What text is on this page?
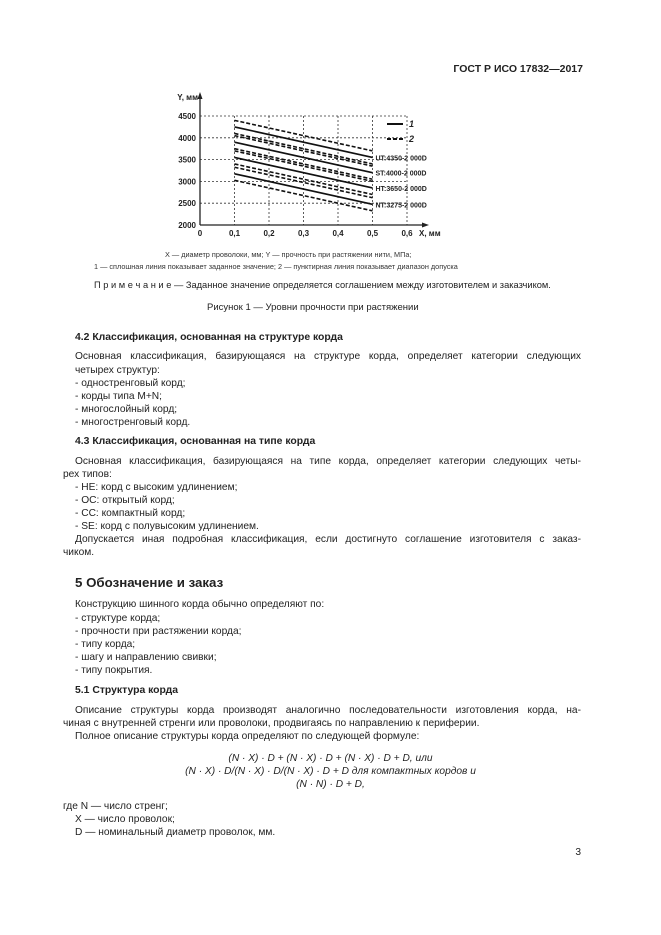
ГОСТ Р ИСО 17832—2017
2000
2500
3000
3500
4000
4500
0	0,1	0,2	0,3	0,4	0,5	0,6
Y, мм
X, мм
UT:4350-2 000D
ST:4000-2 000D
HT:3650-2 000D
NT:3275-2 000D
1
2
X — диаметр проволоки, мм; Y — прочность при растяжении нити, МПа;
1 — сплошная линия показывает заданное значение; 2 — пунктирная линия показывает диапазон допуска
П р и м е ч а н и е — Заданное значение определяется соглашением между изготовителем и заказчиком.
Рисунок 1 — Уровни прочности при растяжении
4.2 Классификация, основанная на структуре корда
Основная классификация, базирующаяся на структуре корда, определяет категории следующих
четырех структур:
- одностренговый корд;
- корды типа M+N;
- многослойный корд;
- многостренговый корд.
4.3 Классификация, основанная на типе корда
Основная классификация, базирующаяся на типе корда, определяет категории следующих четы-
рех типов:
- HE: корд с высоким удлинением;
- OC: открытый корд;
- CC: компактный корд;
- SE: корд с полувысоким удлинением.
Допускается иная подробная классификация, если достигнуто соглашение изготовителя с заказ-
чиком.
5 Обозначение и заказ
Конструкцию шинного корда обычно определяют по:
- структуре корда;
- прочности при растяжении корда;
- типу корда;
- шагу и направлению свивки;
- типу покрытия.
5.1 Структура корда
Описание структуры корда производят аналогично последовательности изготовления корда, на-
чиная с внутренней стренги или проволоки, продвигаясь по направлению к периферии.
Полное описание структуры корда определяют по следующей формуле:
(N · X) · D + (N · X) · D + (N · X) · D + D, или
(N · X) · D/(N · X) · D/(N · X) · D + D для компактных кордов и
(N · N) · D + D,
где N — число стренг;
X — число проволок;
D — номинальный диаметр проволок, мм.
3
